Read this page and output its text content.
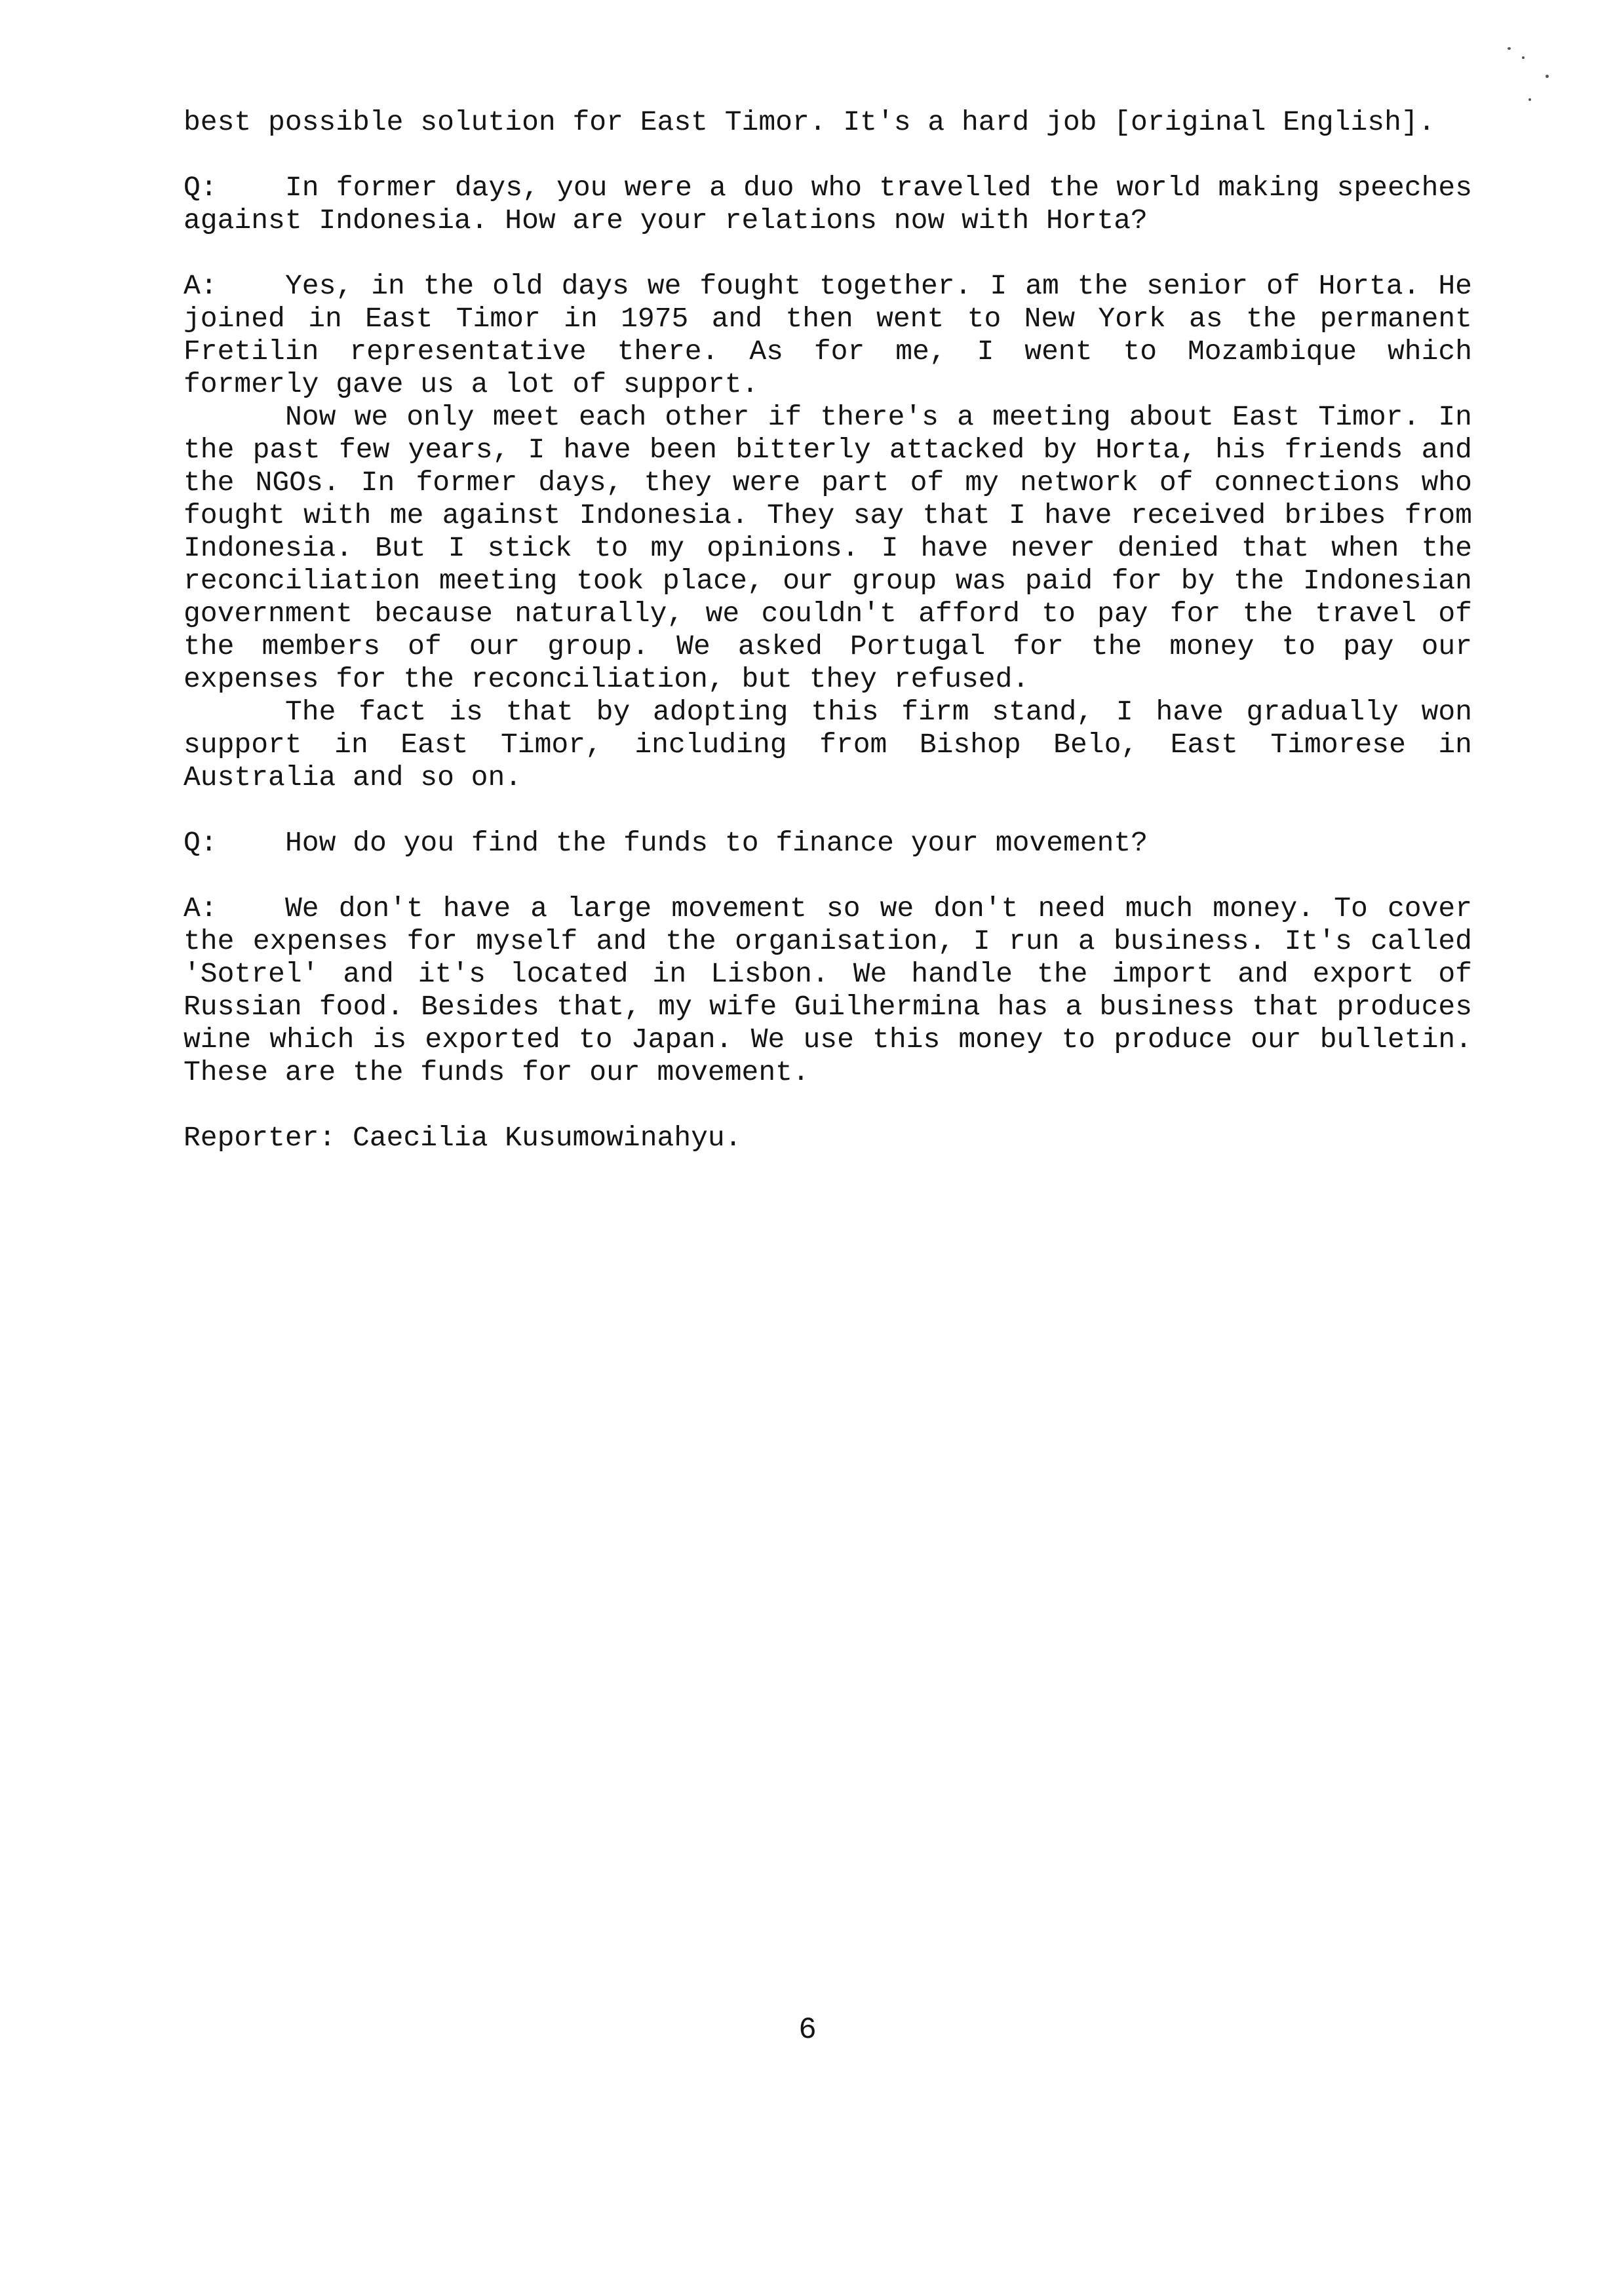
best possible solution for East Timor. It's a hard job [original English].

Q: In former days, you were a duo who travelled the world making speeches against Indonesia. How are your relations now with Horta?

A: Yes, in the old days we fought together. I am the senior of Horta. He joined in East Timor in 1975 and then went to New York as the permanent Fretilin representative there. As for me, I went to Mozambique which formerly gave us a lot of support.

Now we only meet each other if there's a meeting about East Timor. In the past few years, I have been bitterly attacked by Horta, his friends and the NGOs. In former days, they were part of my network of connections who fought with me against Indonesia. They say that I have received bribes from Indonesia. But I stick to my opinions. I have never denied that when the reconciliation meeting took place, our group was paid for by the Indonesian government because naturally, we couldn't afford to pay for the travel of the members of our group. We asked Portugal for the money to pay our expenses for the reconciliation, but they refused.

The fact is that by adopting this firm stand, I have gradually won support in East Timor, including from Bishop Belo, East Timorese in Australia and so on.

Q: How do you find the funds to finance your movement?

A: We don't have a large movement so we don't need much money. To cover the expenses for myself and the organisation, I run a business. It's called 'Sotrel' and it's located in Lisbon. We handle the import and export of Russian food. Besides that, my wife Guilhermina has a business that produces wine which is exported to Japan. We use this money to produce our bulletin. These are the funds for our movement.

Reporter: Caecilia Kusumowinahyu.

6
